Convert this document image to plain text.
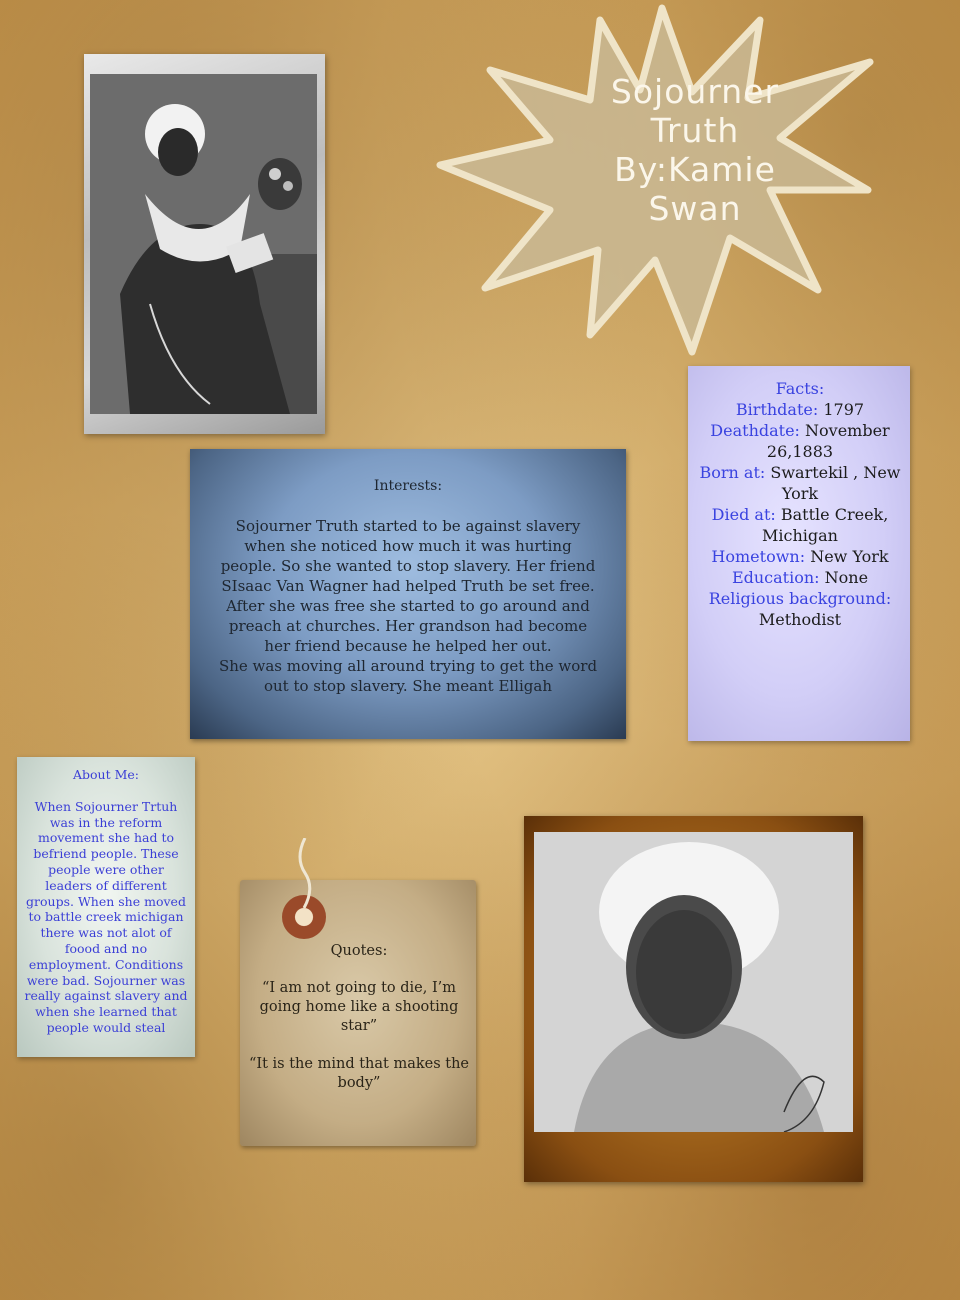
Sojourner
Truth
By:Kamie
Swan
Interests:
Sojourner Truth started to be against slavery when she noticed how much it was hurting people. So she wanted to stop slavery. Her friend SIsaac Van Wagner had helped Truth be set free. After she was free she started to go around and preach at churches. Her grandson had become her friend because he helped her out.
She was moving all around trying to get the word out to stop slavery. She meant Elligah
Facts:
Birthdate: 1797
Deathdate: November 26,1883
Born at: Swartekil , New York
Died at: Battle Creek, Michigan
Hometown: New York
Education: None
Religious background: Methodist
About Me:
When Sojourner Trtuh was in the reform movement she had to befriend people. These people were other leaders of different groups. When she moved to battle creek michigan there was not alot of foood and no employment. Conditions were bad. Sojourner was really against slavery and when she learned that people would steal
Quotes:
“I am not going to die, I’m going home like a shooting star”
“It is the mind that makes the body”
